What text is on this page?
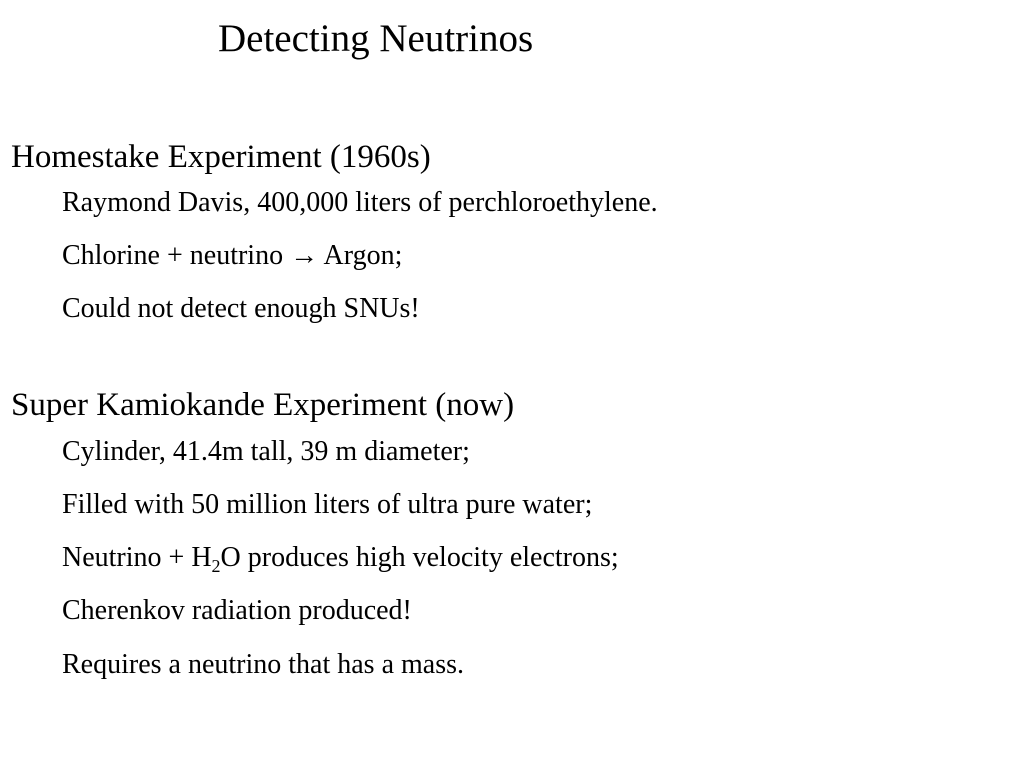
Detecting Neutrinos
Homestake Experiment (1960s)
Raymond Davis, 400,000 liters of perchloroethylene.
Chlorine + neutrino → Argon;
Could not detect enough SNUs!
Super Kamiokande Experiment (now)
Cylinder, 41.4m tall, 39 m diameter;
Filled with 50 million liters of ultra pure water;
Neutrino + $H_2O$ produces high velocity electrons;
Cherenkov radiation produced!
Requires a neutrino that has a mass.
